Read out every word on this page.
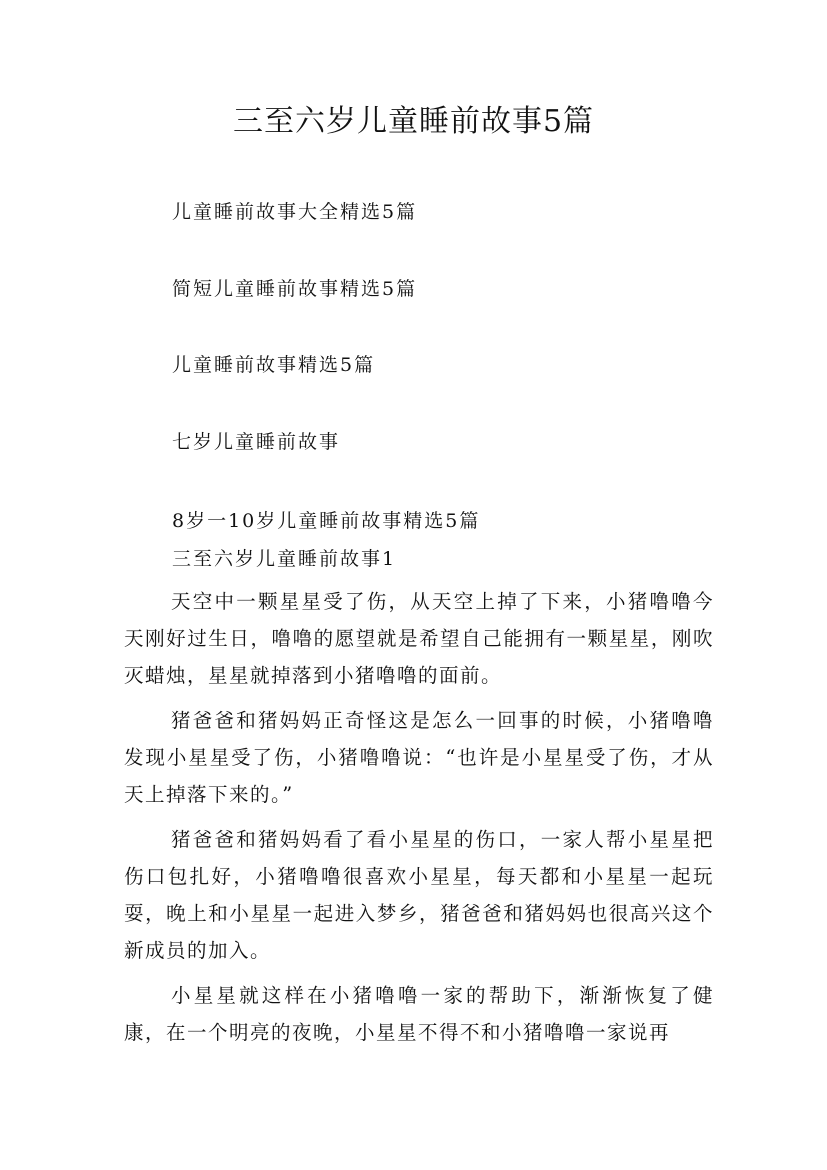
三至六岁儿童睡前故事5篇
儿童睡前故事大全精选5篇
简短儿童睡前故事精选5篇
儿童睡前故事精选5篇
七岁儿童睡前故事
8岁一10岁儿童睡前故事精选5篇
三至六岁儿童睡前故事1

天空中一颗星星受了伤，从天空上掉了下来，小猪噜噜今天刚好过生日，噜噜的愿望就是希望自己能拥有一颗星星，刚吹灭蜡烛，星星就掉落到小猪噜噜的面前。

猪爸爸和猪妈妈正奇怪这是怎么一回事的时候，小猪噜噜发现小星星受了伤，小猪噜噜说：“也许是小星星受了伤，才从天上掉落下来的。”

猪爸爸和猪妈妈看了看小星星的伤口，一家人帮小星星把伤口包扎好，小猪噜噜很喜欢小星星，每天都和小星星一起玩耍，晚上和小星星一起进入梦乡，猪爸爸和猪妈妈也很高兴这个新成员的加入。

小星星就这样在小猪噜噜一家的帮助下，渐渐恢复了健康，在一个明亮的夜晚，小星星不得不和小猪噜噜一家说再
